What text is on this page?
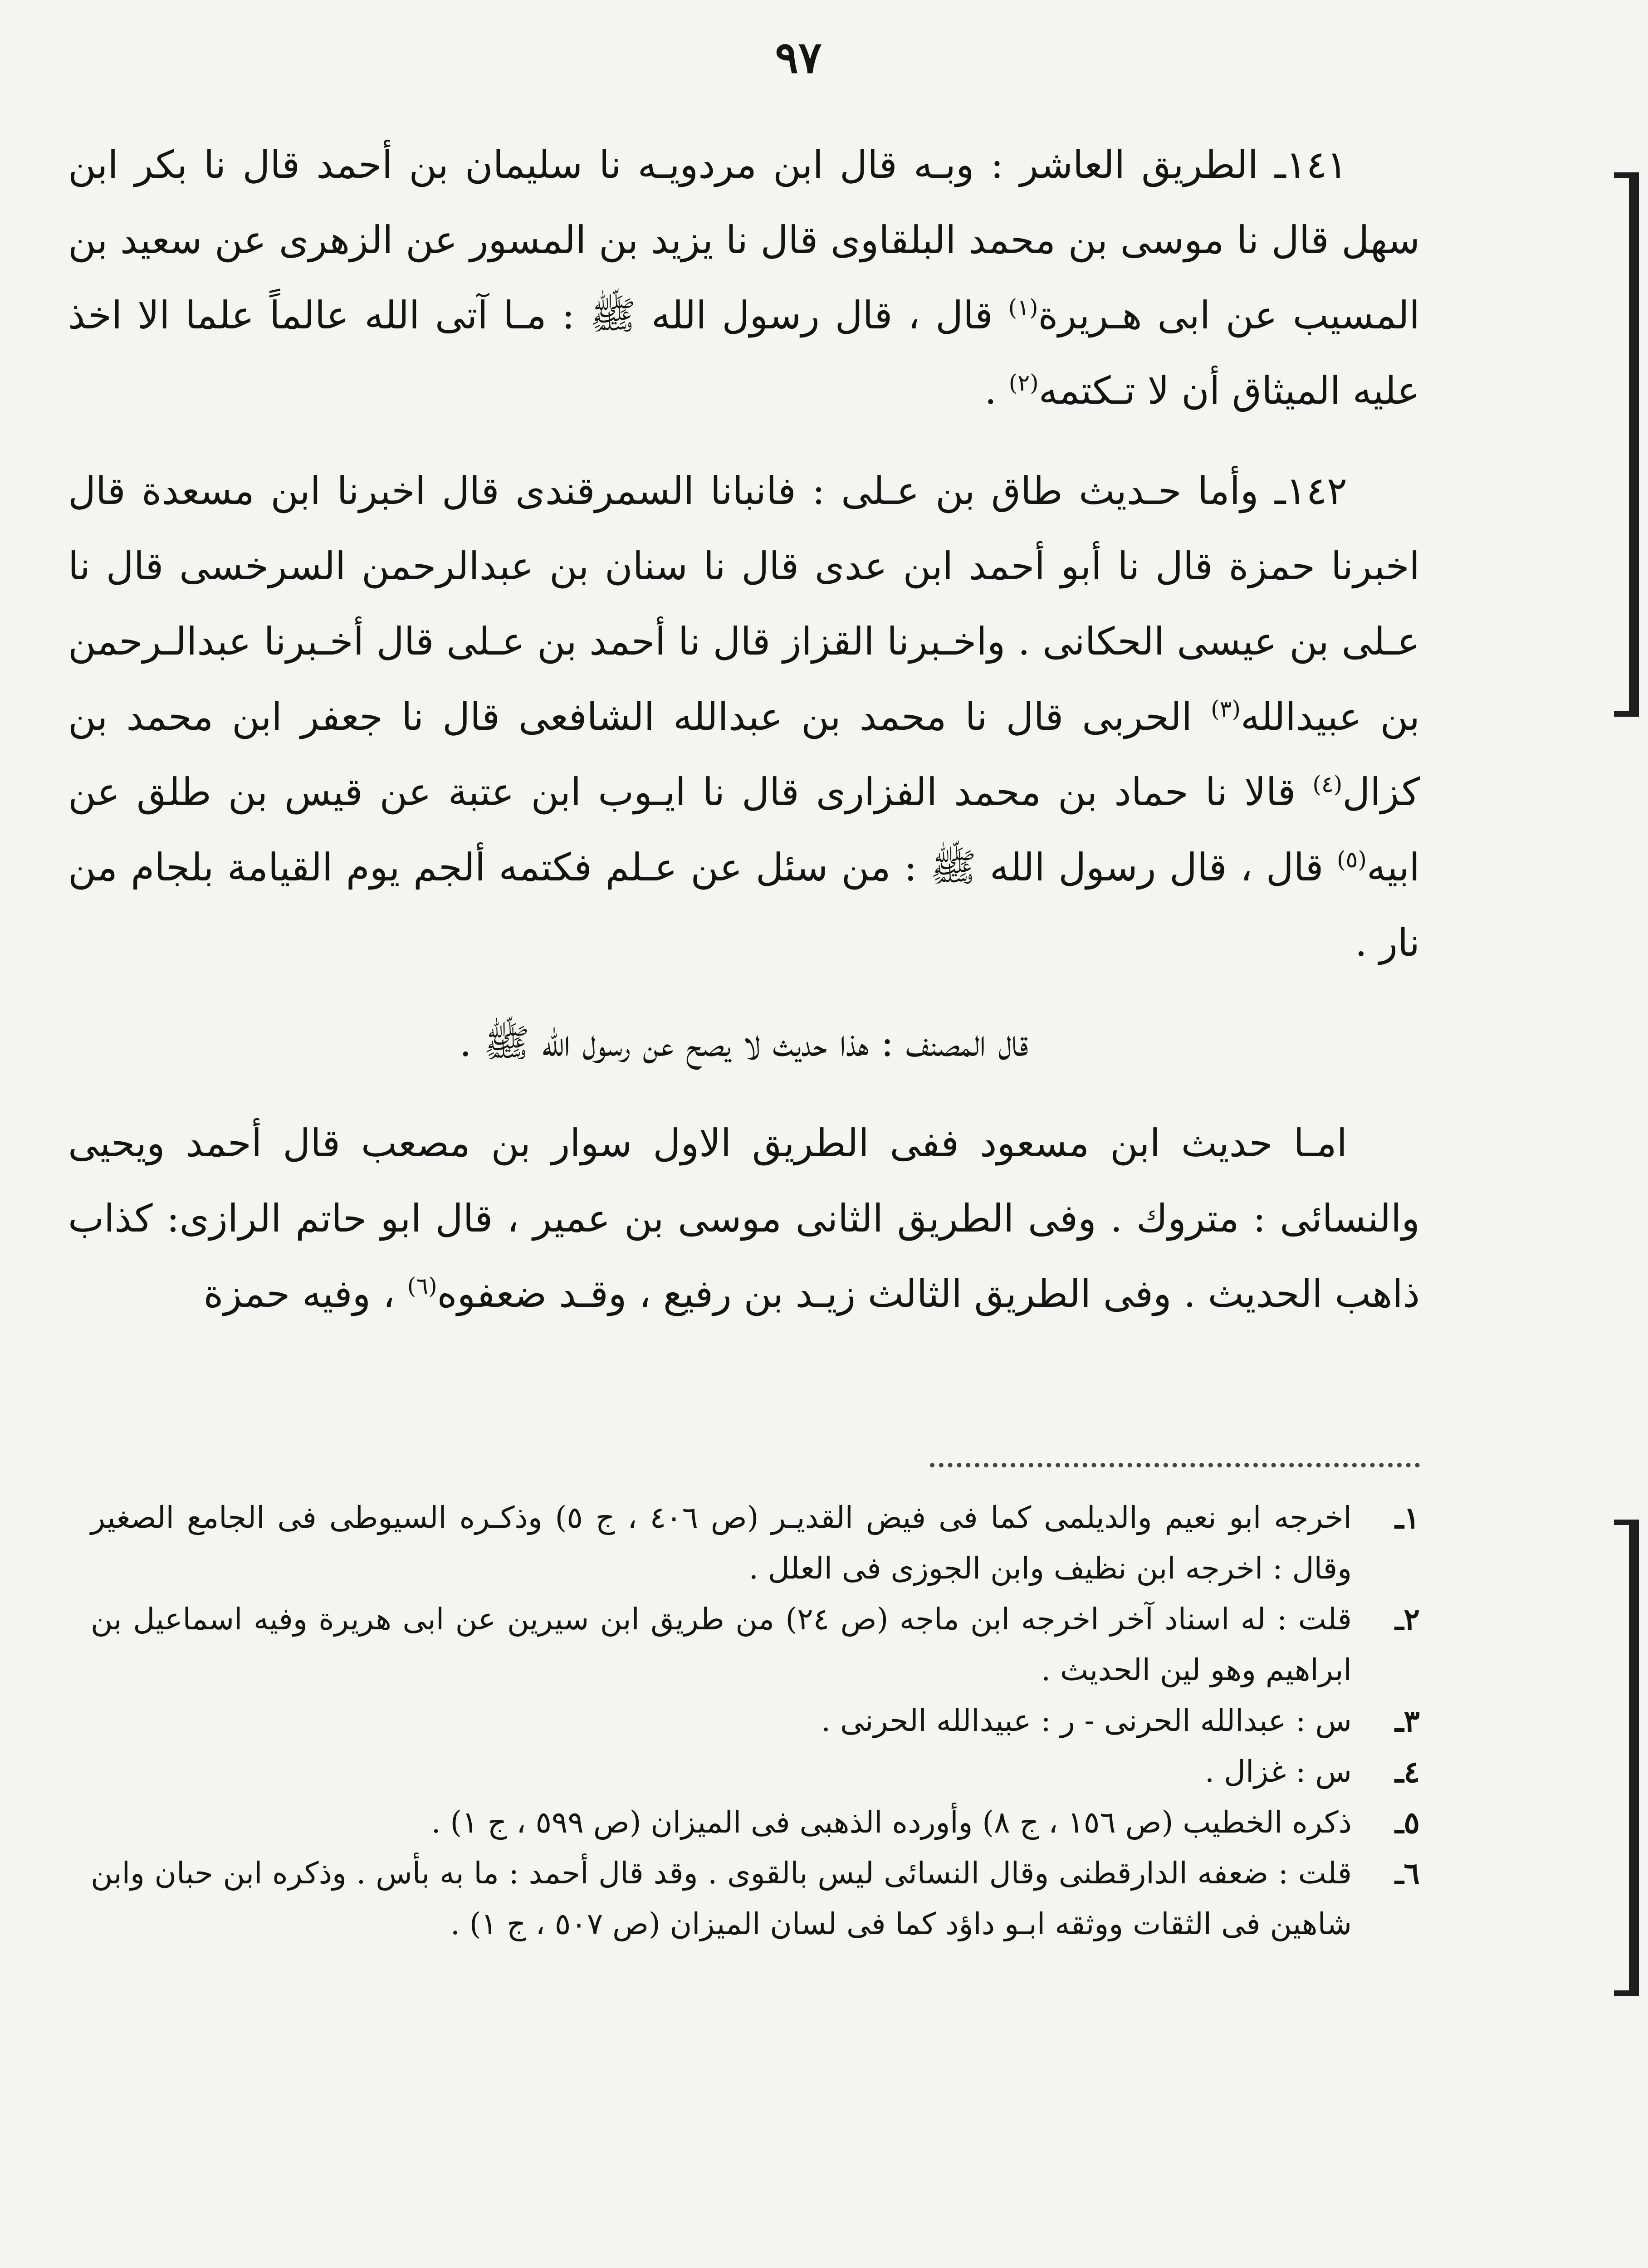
٩٧

١٤١ـ الطريق العاشر : وبـه قال ابن مردويـه نا سليمان بن أحمد قال نا بكر ابن سهل قال نا موسى بن محمد البلقاوى قال نا يزيد بن المسور عن الزهرى عن سعيد بن المسيب عن ابى هـريرة$^{(١)}$ قال ، قال رسول الله ﷺ : مـا آتى الله عالماً علما الا اخذ عليه الميثاق أن لا تـكتمه$^{(٢)}$ .

١٤٢ـ وأما حـديث طاق بن عـلى : فانبانا السمرقندى قال اخبرنا ابن مسعدة قال اخبرنا حمزة قال نا أبو أحمد ابن عدى قال نا سنان بن عبدالرحمن السرخسى قال نا عـلى بن عيسى الحكانى . واخـبرنا القزاز قال نا أحمد بن عـلى قال أخـبرنا عبدالـرحمن بن عبيدالله$^{(٣)}$ الحربى قال نا محمد بن عبدالله الشافعى قال نا جعفر ابن محمد بن كزال$^{(٤)}$ قالا نا حماد بن محمد الفزارى قال نا ايـوب ابن عتبة عن قيس بن طلق عن ابيه$^{(٥)}$ قال ، قال رسول الله ﷺ : من سئل عن عـلم فكتمه ألجم يوم القيامة بلجام من نار .

قال المصنف : هذا حديث لا يصح عن رسول الله ﷺ .

امـا حديث ابن مسعود ففى الطريق الاول سوار بن مصعب قال أحمد ويحيى والنسائى : متروك . وفى الطريق الثانى موسى بن عمير ، قال ابو حاتم الرازى: كذاب ذاهب الحديث . وفى الطريق الثالث زيـد بن رفيع ، وقـد ضعفوه$^{(٦)}$ ، وفيه حمزة

١ـ
اخرجه ابو نعيم والديلمى كما فى فيض القديـر (ص ٤٠٦ ، ج ٥) وذكـره السيوطى فى الجامع الصغير وقال : اخرجه ابن نظيف وابن الجوزى فى العلل .
٢ـ
قلت : له اسناد آخر اخرجه ابن ماجه (ص ٢٤) من طريق ابن سيرين عن ابى هريرة وفيه اسماعيل بن ابراهيم وهو لين الحديث .
٣ـ
س : عبدالله الحرنى - ر : عبيدالله الحرنى .
٤ـ
س : غزال .
٥ـ
ذكره الخطيب (ص ١٥٦ ، ج ٨) وأورده الذهبى فى الميزان (ص ٥٩٩ ، ج ١) .
٦ـ
قلت : ضعفه الدارقطنى وقال النسائى ليس بالقوى . وقد قال أحمد : ما به بأس . وذكره ابن حبان وابن شاهين فى الثقات ووثقه ابـو داؤد كما فى لسان الميزان (ص ٥٠٧ ، ج ١) .
